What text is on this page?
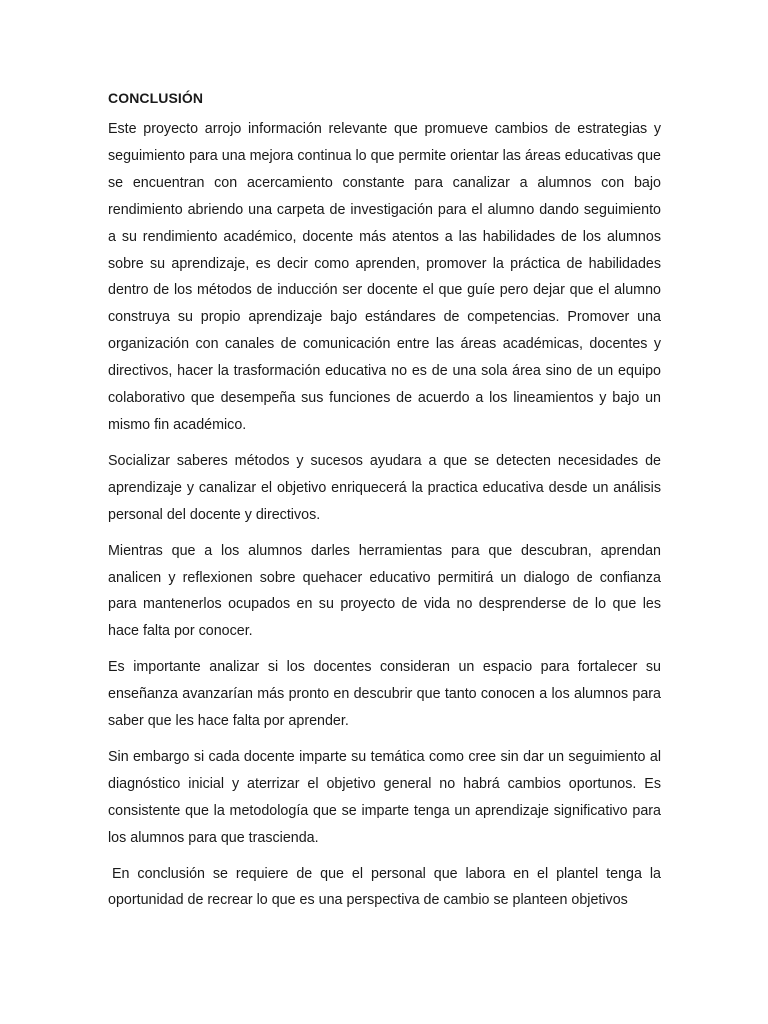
CONCLUSIÓN

Este proyecto arrojo información relevante que promueve cambios de estrategias y seguimiento para una mejora continua lo que permite orientar las áreas educativas que se encuentran con acercamiento constante para canalizar a alumnos con bajo rendimiento abriendo una carpeta de investigación para el alumno dando seguimiento a su rendimiento académico, docente más atentos a las habilidades de los alumnos sobre su aprendizaje, es decir como aprenden, promover la práctica de habilidades dentro de los métodos de inducción ser docente el que guíe pero dejar que el alumno construya su propio aprendizaje bajo estándares de competencias. Promover una organización con canales de comunicación entre las áreas académicas, docentes y directivos, hacer la trasformación educativa no es de una sola área sino de un equipo colaborativo que desempeña sus funciones de acuerdo a los lineamientos y bajo un mismo fin académico.

Socializar saberes métodos y sucesos ayudara a que se detecten necesidades de aprendizaje y canalizar el objetivo enriquecerá la practica educativa desde un análisis personal del docente y directivos.

Mientras que a los alumnos darles herramientas para que descubran, aprendan analicen y reflexionen sobre quehacer educativo permitirá un dialogo de confianza para mantenerlos ocupados en su proyecto de vida no desprenderse de lo que les hace falta por conocer.

Es importante analizar si los docentes consideran un espacio para fortalecer su enseñanza avanzarían más pronto en descubrir que tanto conocen a los alumnos para saber que les hace falta por aprender.

Sin embargo si cada docente imparte su temática como cree sin dar un seguimiento al diagnóstico inicial y aterrizar el objetivo general no habrá cambios oportunos. Es consistente que la metodología que se imparte tenga un aprendizaje significativo para los alumnos para que trascienda.

En conclusión se requiere de que el personal que labora en el plantel tenga la oportunidad de recrear lo que es una perspectiva de cambio se planteen objetivos
